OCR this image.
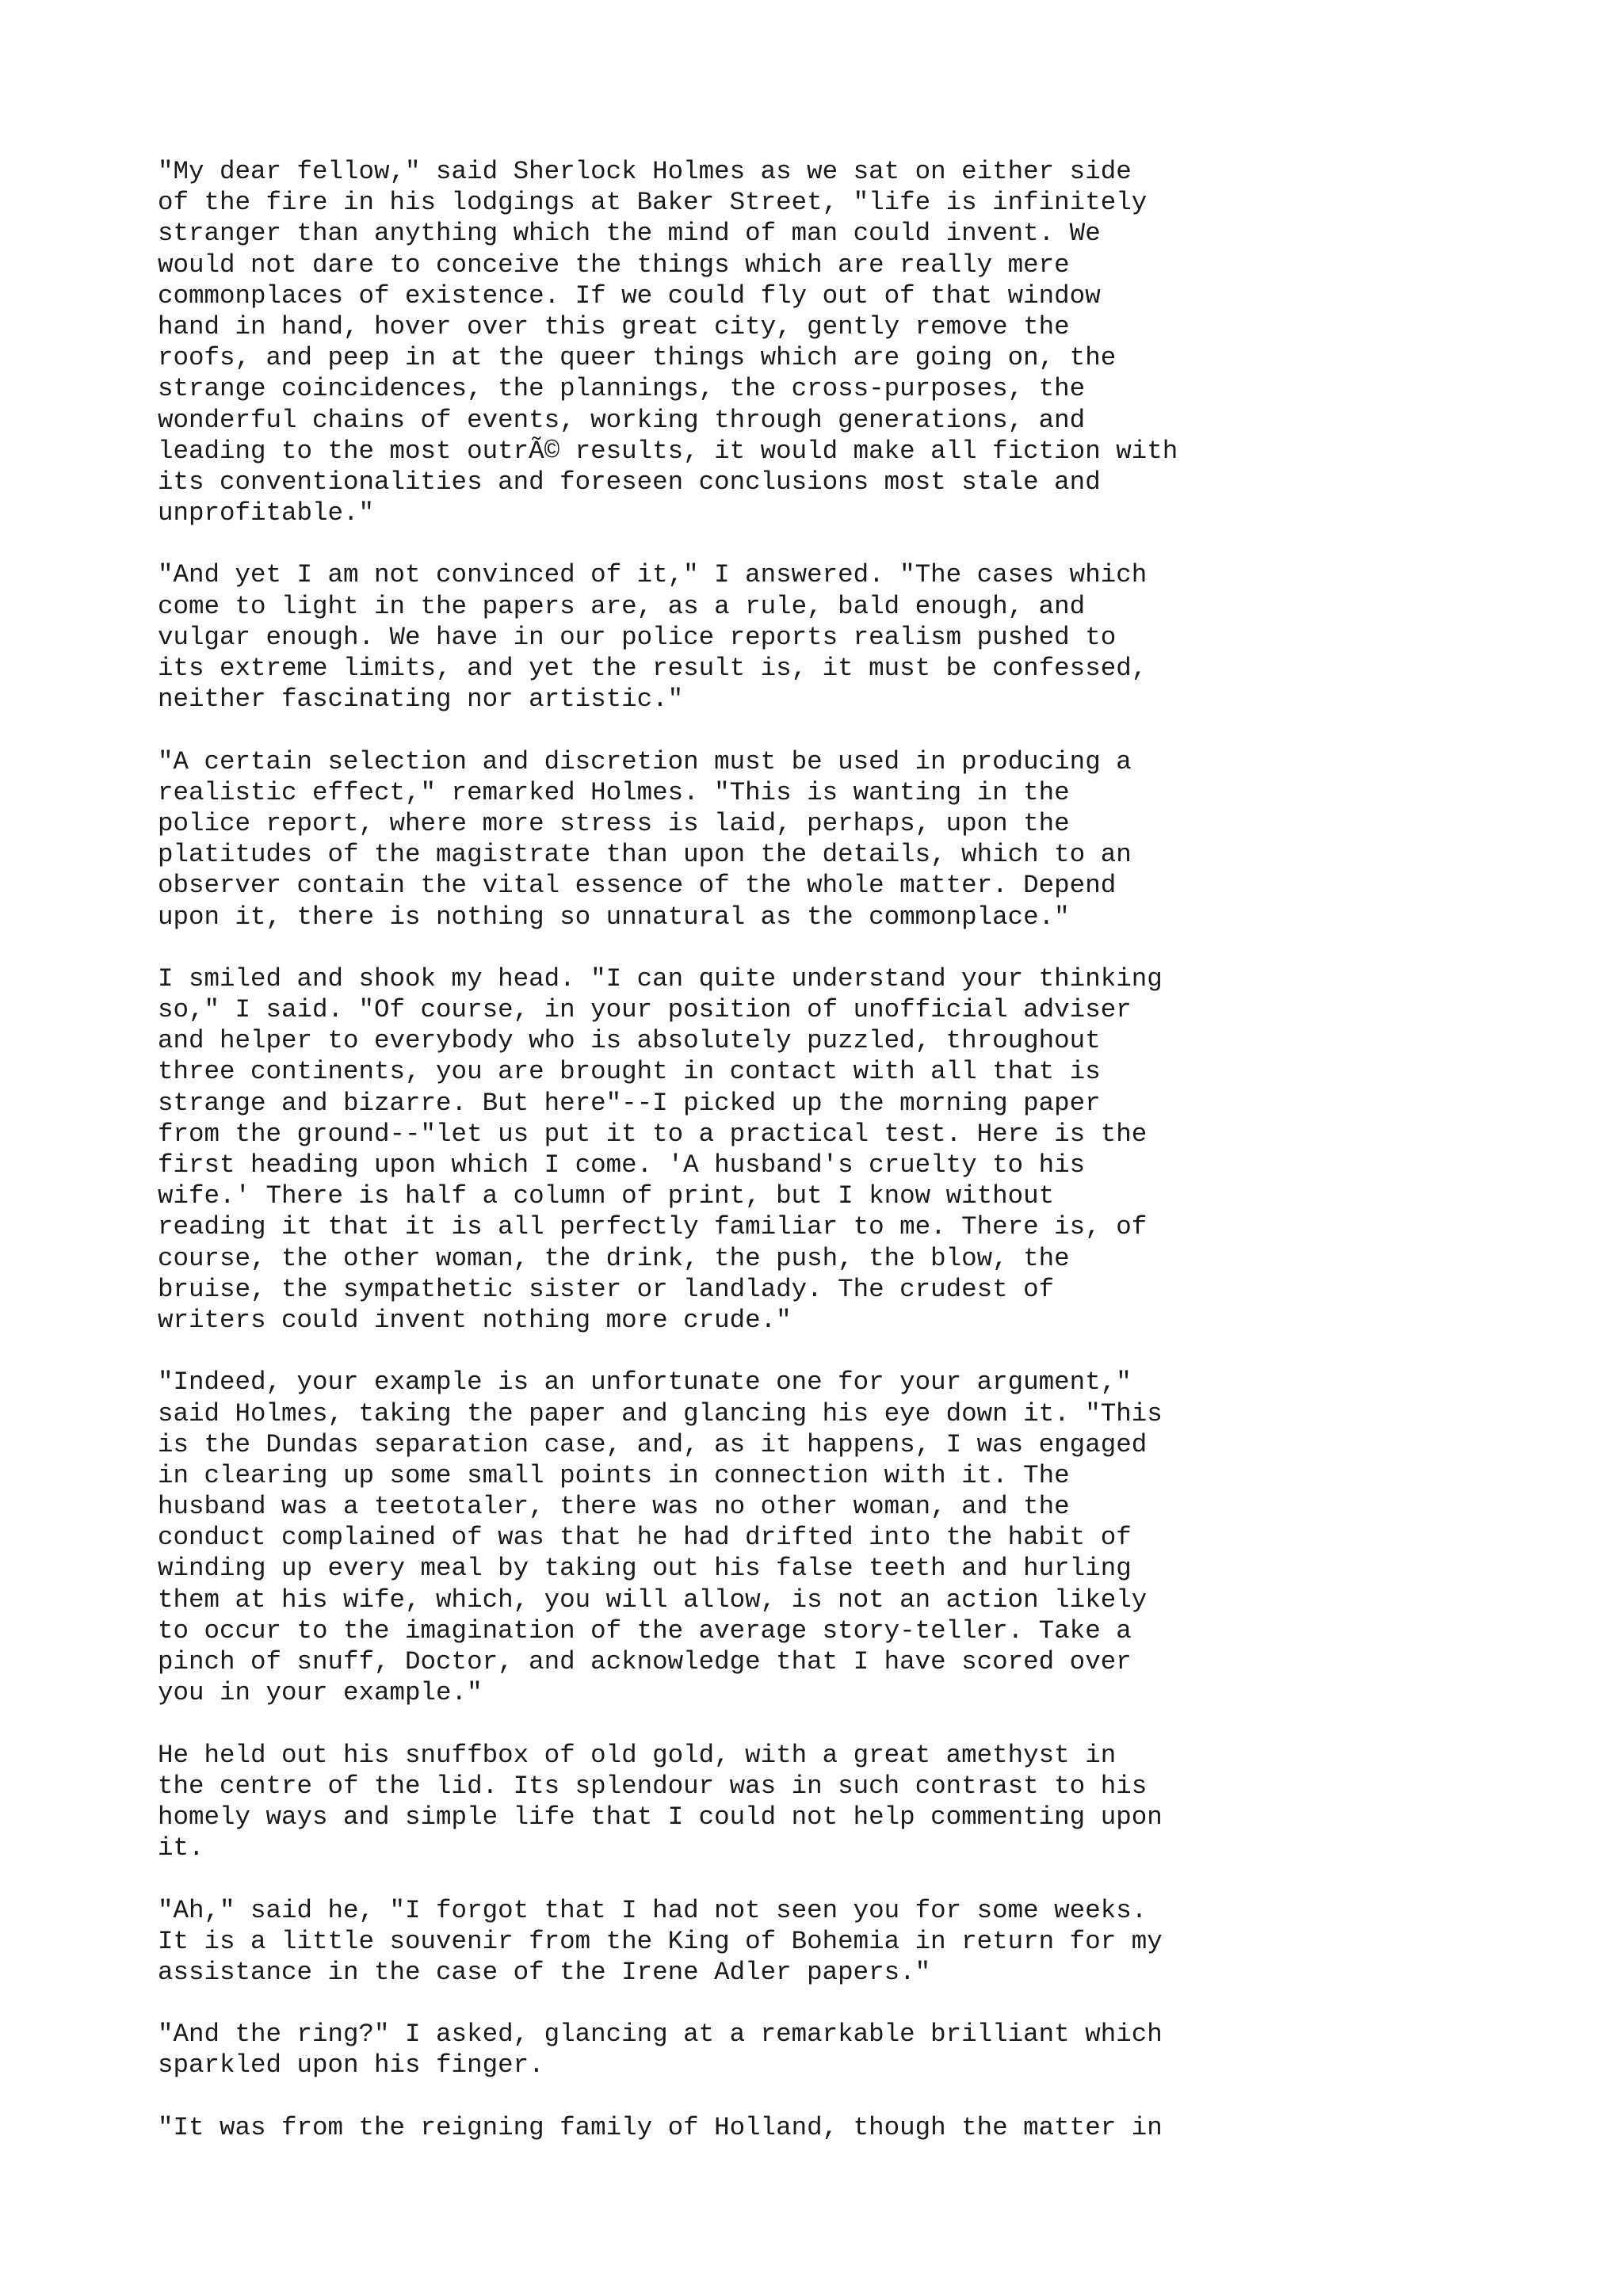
"My dear fellow," said Sherlock Holmes as we sat on either side
of the fire in his lodgings at Baker Street, "life is infinitely
stranger than anything which the mind of man could invent. We
would not dare to conceive the things which are really mere
commonplaces of existence. If we could fly out of that window
hand in hand, hover over this great city, gently remove the
roofs, and peep in at the queer things which are going on, the
strange coincidences, the plannings, the cross-purposes, the
wonderful chains of events, working through generations, and
leading to the most outrÃ© results, it would make all fiction with
its conventionalities and foreseen conclusions most stale and
unprofitable."
"And yet I am not convinced of it," I answered. "The cases which
come to light in the papers are, as a rule, bald enough, and
vulgar enough. We have in our police reports realism pushed to
its extreme limits, and yet the result is, it must be confessed,
neither fascinating nor artistic."
"A certain selection and discretion must be used in producing a
realistic effect," remarked Holmes. "This is wanting in the
police report, where more stress is laid, perhaps, upon the
platitudes of the magistrate than upon the details, which to an
observer contain the vital essence of the whole matter. Depend
upon it, there is nothing so unnatural as the commonplace."
I smiled and shook my head. "I can quite understand your thinking
so," I said. "Of course, in your position of unofficial adviser
and helper to everybody who is absolutely puzzled, throughout
three continents, you are brought in contact with all that is
strange and bizarre. But here"--I picked up the morning paper
from the ground--"let us put it to a practical test. Here is the
first heading upon which I come. 'A husband's cruelty to his
wife.' There is half a column of print, but I know without
reading it that it is all perfectly familiar to me. There is, of
course, the other woman, the drink, the push, the blow, the
bruise, the sympathetic sister or landlady. The crudest of
writers could invent nothing more crude."
"Indeed, your example is an unfortunate one for your argument,"
said Holmes, taking the paper and glancing his eye down it. "This
is the Dundas separation case, and, as it happens, I was engaged
in clearing up some small points in connection with it. The
husband was a teetotaler, there was no other woman, and the
conduct complained of was that he had drifted into the habit of
winding up every meal by taking out his false teeth and hurling
them at his wife, which, you will allow, is not an action likely
to occur to the imagination of the average story-teller. Take a
pinch of snuff, Doctor, and acknowledge that I have scored over
you in your example."
He held out his snuffbox of old gold, with a great amethyst in
the centre of the lid. Its splendour was in such contrast to his
homely ways and simple life that I could not help commenting upon
it.
"Ah," said he, "I forgot that I had not seen you for some weeks.
It is a little souvenir from the King of Bohemia in return for my
assistance in the case of the Irene Adler papers."
"And the ring?" I asked, glancing at a remarkable brilliant which
sparkled upon his finger.
"It was from the reigning family of Holland, though the matter in
